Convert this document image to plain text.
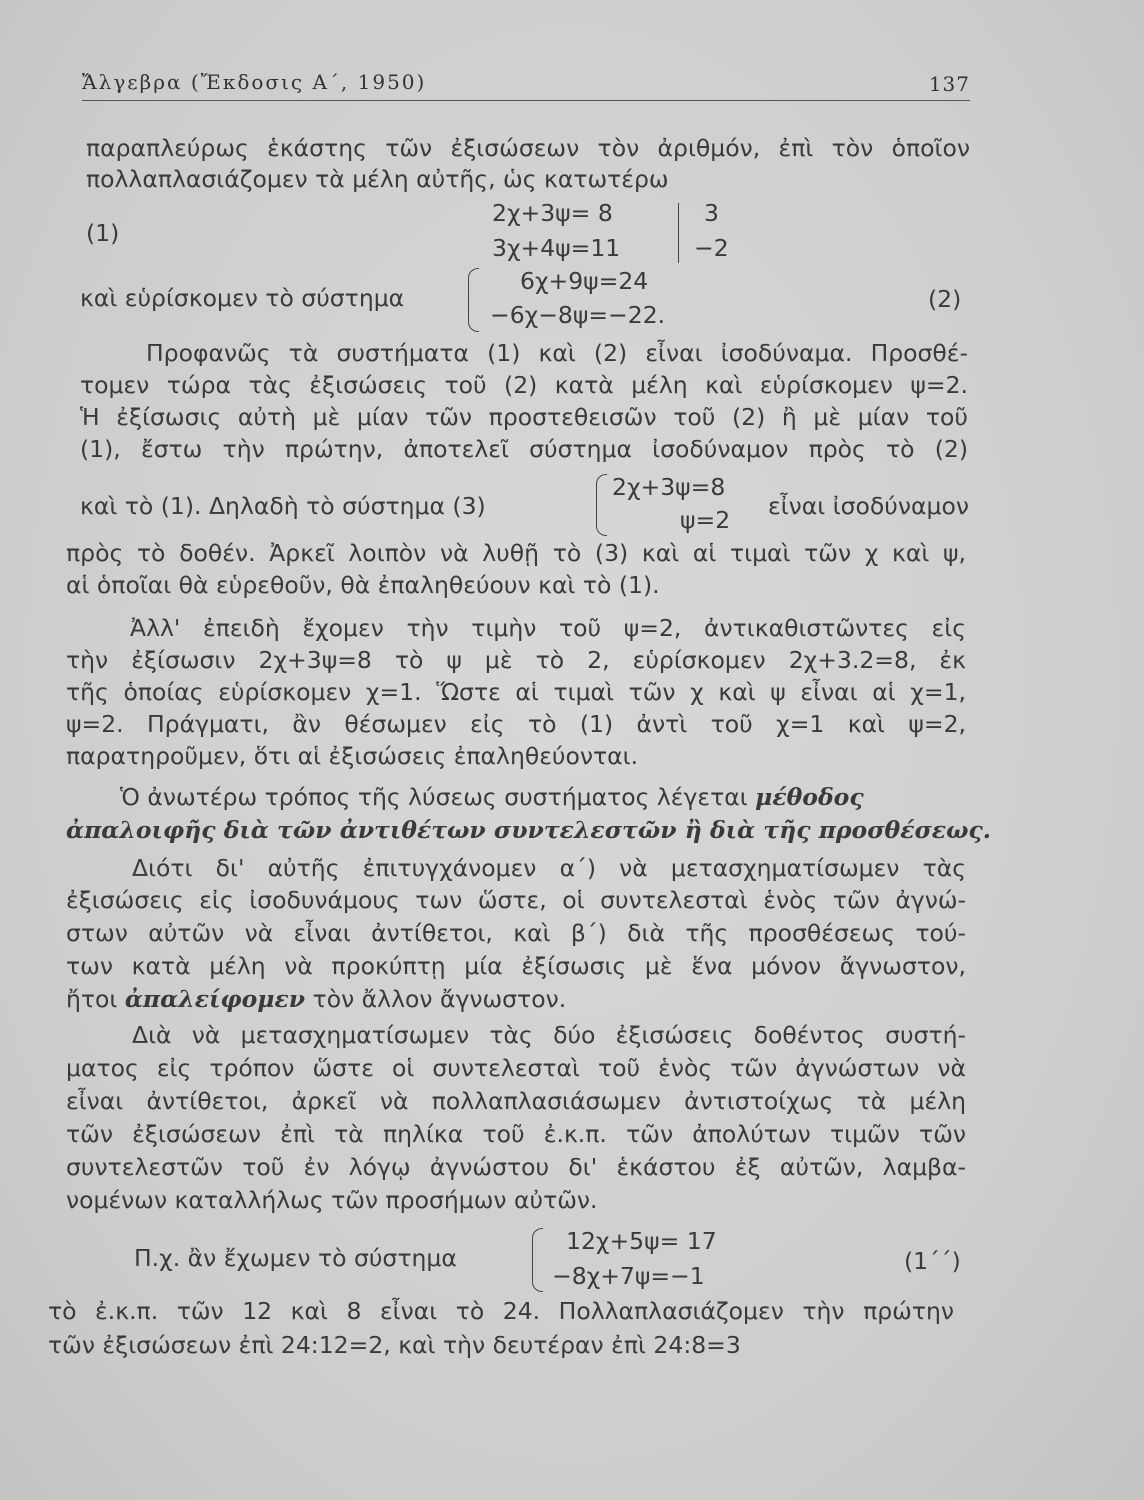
Ἄλγεβρα (Ἔκδοσις Α΄, 1950)	137
παραπλεύρως ἑκάστης τῶν ἐξισώσεων τὸν ἀριθμόν, ἐπὶ τὸν ὁποῖον
πολλαπλασιάζομεν τὰ μέλη αὐτῆς, ὡς κατωτέρω
(1)
2χ+3ψ= 8
3χ+4ψ=11
3
−2
καὶ εὑρίσκομεν τὸ σύστημα
6χ+9ψ=24
−6χ−8ψ=−22.
(2)
Προφανῶς τὰ συστήματα (1) καὶ (2) εἶναι ἰσοδύναμα. Προσθέ-
τομεν τώρα τὰς ἐξισώσεις τοῦ (2) κατὰ μέλη καὶ εὑρίσκομεν ψ=2.
Ἡ ἐξίσωσις αὐτὴ μὲ μίαν τῶν προστεθεισῶν τοῦ (2) ἢ μὲ μίαν τοῦ
(1), ἔστω τὴν πρώτην, ἀποτελεῖ σύστημα ἰσοδύναμον πρὸς τὸ (2)
καὶ τὸ (1). Δηλαδὴ τὸ σύστημα (3)
2χ+3ψ=8
ψ=2 εἶναι ἰσοδύναμον
πρὸς τὸ δοθέν. Ἀρκεῖ λοιπὸν νὰ λυθῇ τὸ (3) καὶ αἱ τιμαὶ τῶν χ καὶ ψ,
αἱ ὁποῖαι θὰ εὑρεθοῦν, θὰ ἐπαληθεύουν καὶ τὸ (1).
Ἀλλ' ἐπειδὴ ἔχομεν τὴν τιμὴν τοῦ ψ=2, ἀντικαθιστῶντες εἰς
τὴν ἐξίσωσιν 2χ+3ψ=8 τὸ ψ μὲ τὸ 2, εὑρίσκομεν 2χ+3.2=8, ἐκ
τῆς ὁποίας εὑρίσκομεν χ=1. Ὥστε αἱ τιμαὶ τῶν χ καὶ ψ εἶναι αἱ χ=1,
ψ=2. Πράγματι, ἂν θέσωμεν εἰς τὸ (1) ἀντὶ τοῦ χ=1 καὶ ψ=2,
παρατηροῦμεν, ὅτι αἱ ἐξισώσεις ἐπαληθεύονται.
Ὁ ἀνωτέρω τρόπος τῆς λύσεως συστήματος λέγεται μέθοδος
ἀπαλοιφῆς διὰ τῶν ἀντιθέτων συντελεστῶν ἢ διὰ τῆς προσθέσεως.
Διότι δι' αὐτῆς ἐπιτυγχάνομεν α΄) νὰ μετασχηματίσωμεν τὰς
ἐξισώσεις εἰς ἰσοδυνάμους των ὥστε, οἱ συντελεσταὶ ἑνὸς τῶν ἀγνώ-
στων αὐτῶν νὰ εἶναι ἀντίθετοι, καὶ β΄) διὰ τῆς προσθέσεως τού-
των κατὰ μέλη νὰ προκύπτῃ μία ἐξίσωσις μὲ ἕνα μόνον ἄγνωστον,
ἤτοι ἀπαλείφομεν τὸν ἄλλον ἄγνωστον.
Διὰ νὰ μετασχηματίσωμεν τὰς δύο ἐξισώσεις δοθέντος συστή-
ματος εἰς τρόπον ὥστε οἱ συντελεσταὶ τοῦ ἑνὸς τῶν ἀγνώστων νὰ
εἶναι ἀντίθετοι, ἀρκεῖ νὰ πολλαπλασιάσωμεν ἀντιστοίχως τὰ μέλη
τῶν ἐξισώσεων ἐπὶ τὰ πηλίκα τοῦ ἐ.κ.π. τῶν ἀπολύτων τιμῶν τῶν
συντελεστῶν τοῦ ἐν λόγῳ ἀγνώστου δι' ἑκάστου ἐξ αὐτῶν, λαμβα-
νομένων καταλλήλως τῶν προσήμων αὐτῶν.
Π.χ. ἂν ἔχωμεν τὸ σύστημα
12χ+5ψ= 17
−8χ+7ψ=−1
(1΄΄)
τὸ ἐ.κ.π. τῶν 12 καὶ 8 εἶναι τὸ 24. Πολλαπλασιάζομεν τὴν πρώτην
τῶν ἐξισώσεων ἐπὶ 24:12=2, καὶ τὴν δευτέραν ἐπὶ 24:8=3
